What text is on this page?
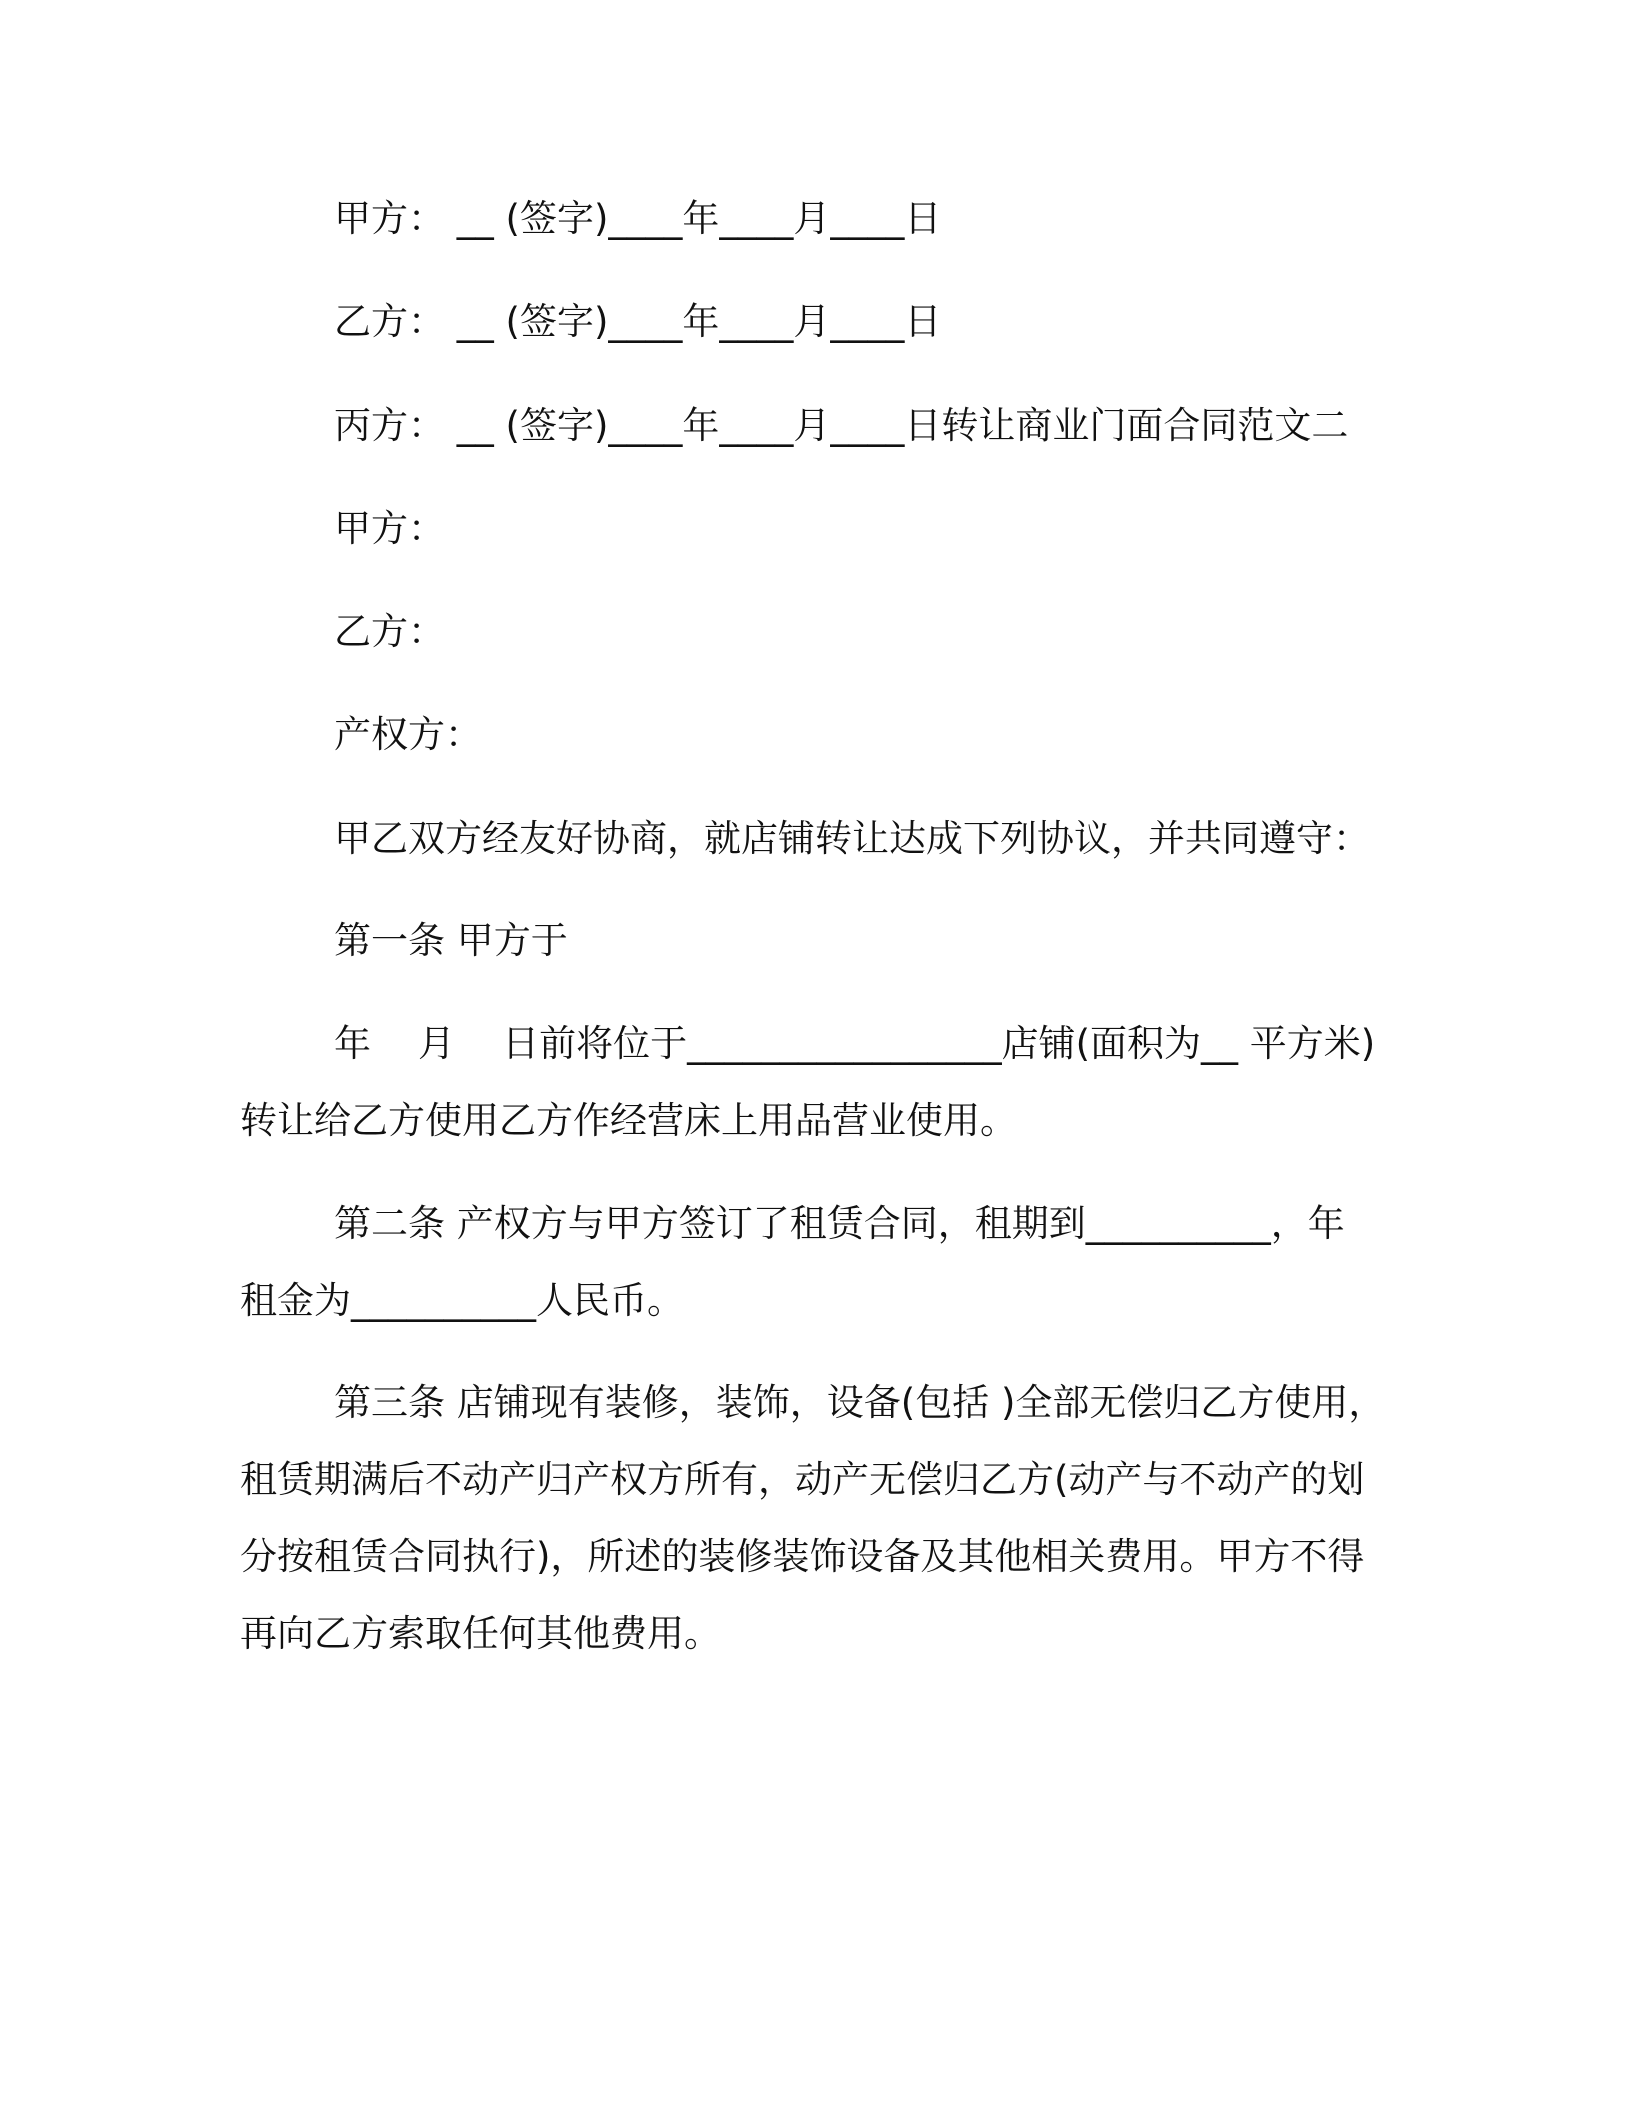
甲方： __ (签字)____年____月____日
乙方： __ (签字)____年____月____日
丙方： __ (签字)____年____月____日转让商业门面合同范文二
甲方：
乙方：
产权方：
甲乙双方经友好协商，就店铺转让达成下列协议，并共同遵守：
第一条 甲方于
年    月    日前将位于_________________店铺(面积为__ 平方米)
转让给乙方使用乙方作经营床上用品营业使用。
第二条 产权方与甲方签订了租赁合同，租期到__________，年
租金为__________人民币。
第三条 店铺现有装修，装饰，设备(包括 )全部无偿归乙方使用，
租赁期满后不动产归产权方所有，动产无偿归乙方(动产与不动产的划
分按租赁合同执行)，所述的装修装饰设备及其他相关费用。甲方不得
再向乙方索取任何其他费用。
